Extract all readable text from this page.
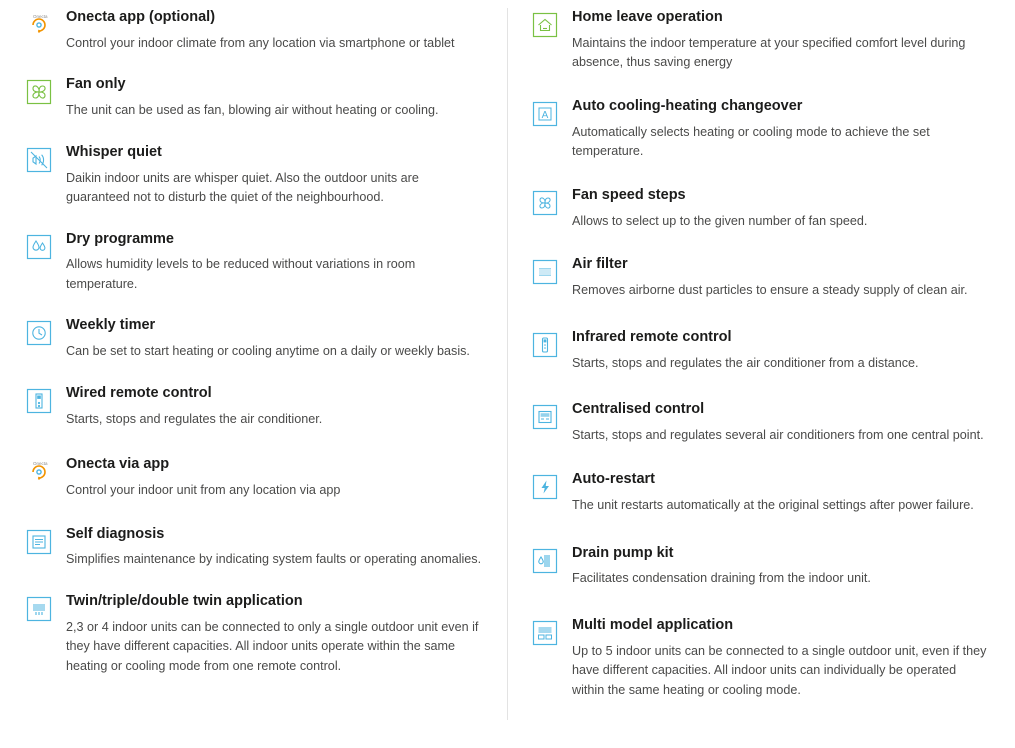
Onecta Onecta app (optional)

Control your indoor climate from any location via smartphone or tablet

Fan only

The unit can be used as fan, blowing air without heating or cooling.

Whisper quiet

Daikin indoor units are whisper quiet. Also the outdoor units are guaranteed not to disturb the quiet of the neighbourhood.

Dry programme

Allows humidity levels to be reduced without variations in room temperature.

Weekly timer

Can be set to start heating or cooling anytime on a daily or weekly basis.

Wired remote control

Starts, stops and regulates the air conditioner.

Onecta Onecta via app

Control your indoor unit from any location via app

Self diagnosis

Simplifies maintenance by indicating system faults or operating anomalies.

Twin/triple/double twin application

2,3 or 4 indoor units can be connected to only a single outdoor unit even if they have different capacities. All indoor units operate within the same heating or cooling mode from one remote control.

Home leave operation

Maintains the indoor temperature at your specified comfort level during absence, thus saving energy

A

Auto cooling-heating changeover

Automatically selects heating or cooling mode to achieve the set temperature.

Fan speed steps

Allows to select up to the given number of fan speed.

Air filter

Removes airborne dust particles to ensure a steady supply of clean air.

Infrared remote control

Starts, stops and regulates the air conditioner from a distance.

Centralised control

Starts, stops and regulates several air conditioners from one central point.

Auto-restart

The unit restarts automatically at the original settings after power failure.

Drain pump kit

Facilitates condensation draining from the indoor unit.

Multi model application

Up to 5 indoor units can be connected to a single outdoor unit, even if they have different capacities. All indoor units can individually be operated within the same heating or cooling mode.
